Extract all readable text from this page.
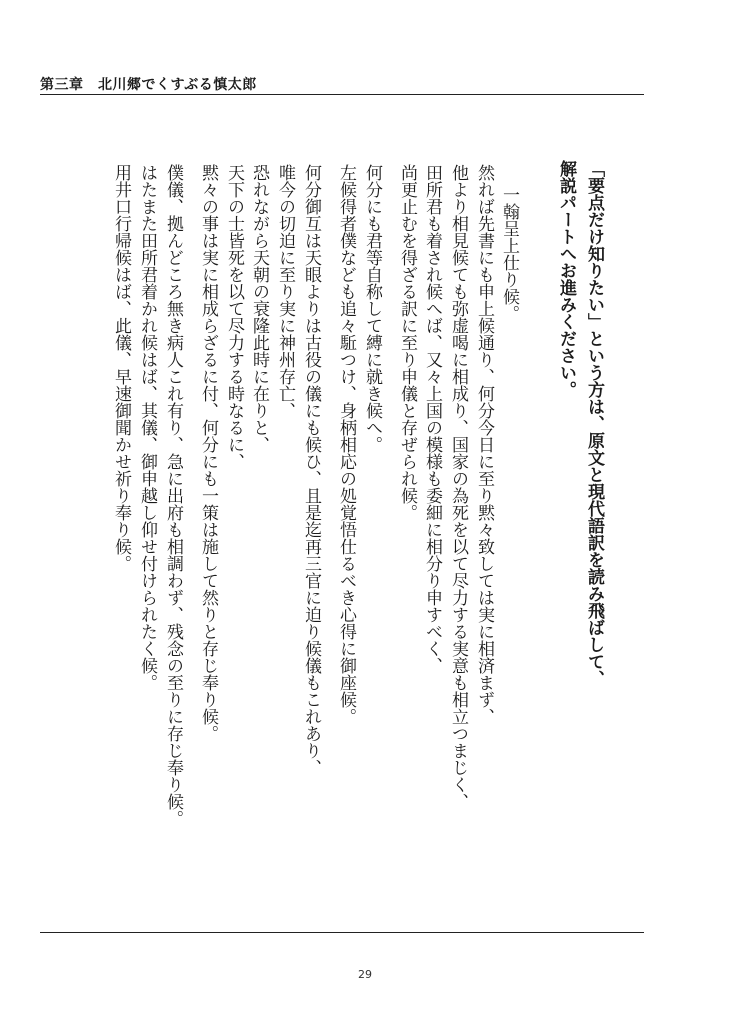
第三章　北川郷でくすぶる慎太郎
「要点だけ知りたい」という方は、原文と現代語訳を読み飛ばして、
解説パートへお進みください。
一翰呈上仕り候。
然れば先書にも申上候通り、何分今日に至り黙々致しては実に相済まず、
他より相見候ても弥虚喝に相成り、国家の為死を以て尽力する実意も相立つまじく、
田所君も着され候へば、又々上国の模様も委細に相分り申すべく、
尚更止むを得ざる訳に至り申儀と存ぜられ候。
何分にも君等自称して縛に就き候へ。
左候得者僕なども追々駈つけ、身柄相応の処覚悟仕るべき心得に御座候。
何分御互は天眼よりは古役の儀にも候ひ、且是迄再三官に迫り候儀もこれあり、
唯今の切迫に至り実に神州存亡、
恐れながら天朝の衰隆此時に在りと、
天下の士皆死を以て尽力する時なるに、
黙々の事は実に相成らざるに付、何分にも一策は施して然りと存じ奉り候。
僕儀、拠んどころ無き病人これ有り、急に出府も相調わず、残念の至りに存じ奉り候。
はたまた田所君着かれ候はば、其儀、御申越し仰せ付けられたく候。
用井口行帰候はば、此儀、早速御聞かせ祈り奉り候。
29
